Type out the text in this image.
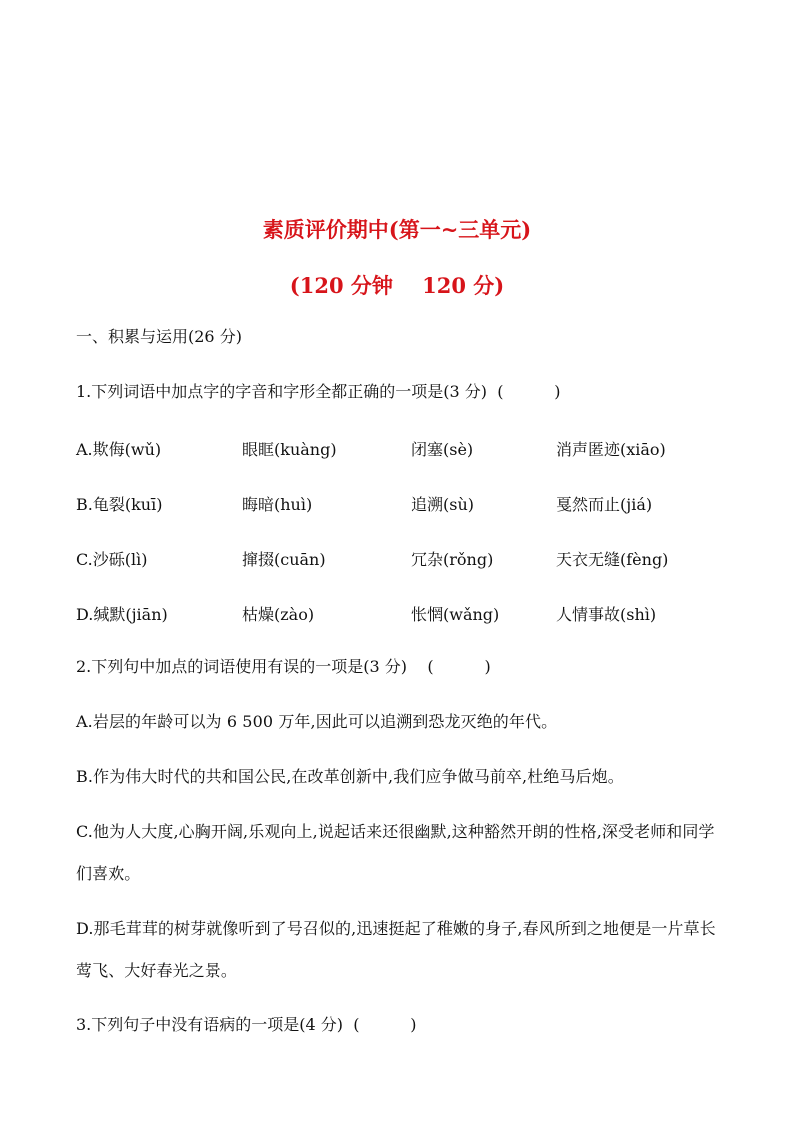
素质评价期中(第一~三单元)
(120 分钟    120 分)
一、积累与运用(26 分)
1.下列词语中加点字的字音和字形全都正确的一项是(3 分)  (          )
A.欺侮(wǔ)	眼眶(kuàng)	闭塞(sè)	消声匿迹(xiāo)
B.龟裂(kuī)	晦暗(huì)	追溯(sù)	戛然而止(jiá)
C.沙砾(lì)	撺掇(cuān)	冗杂(rǒng)	天衣无缝(fèng)
D.缄默(jiān)	枯燥(zào)	怅惘(wǎng)	人情事故(shì)
2.下列句中加点的词语使用有误的一项是(3 分)    (          )
A.岩层的年龄可以为 6 500 万年,因此可以追溯到恐龙灭绝的年代。
B.作为伟大时代的共和国公民,在改革创新中,我们应争做马前卒,杜绝马后炮。
C.他为人大度,心胸开阔,乐观向上,说起话来还很幽默,这种豁然开朗的性格,深受老师和同学们喜欢。
D.那毛茸茸的树芽就像听到了号召似的,迅速挺起了稚嫩的身子,春风所到之地便是一片草长莺飞、大好春光之景。
3.下列句子中没有语病的一项是(4 分)  (          )
